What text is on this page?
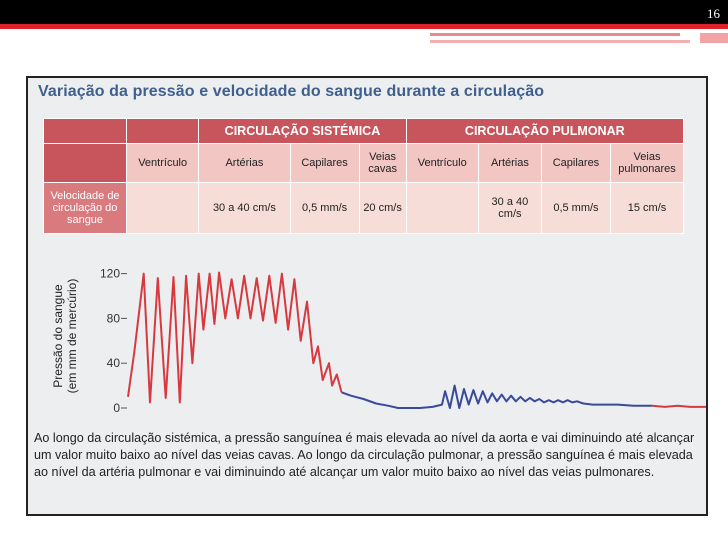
16
Variação da pressão e velocidade do sangue durante a circulação
		CIRCULAÇÃO SISTÉMICA			CIRCULAÇÃO PULMONAR			
	Ventrículo	Artérias	Capilares	Veias cavas	Ventrículo	Artérias	Capilares	Veias pulmonares
Velocidade de circulação do sangue		30 a 40 cm/s	0,5 mm/s	20 cm/s		30 a 40 cm/s	0,5 mm/s	15 cm/s
Pressão do sangue (em mm de mercúrio)
120
80
40
0
Ao longo da circulação sistémica, a pressão sanguínea é mais elevada ao nível da aorta e vai diminuindo até alcançar um valor muito baixo ao nível das veias cavas. Ao longo da circulação pulmonar, a pressão sanguínea é mais elevada ao nível da artéria pulmonar e vai diminuindo até alcançar um valor muito baixo ao nível das veias pulmonares.
